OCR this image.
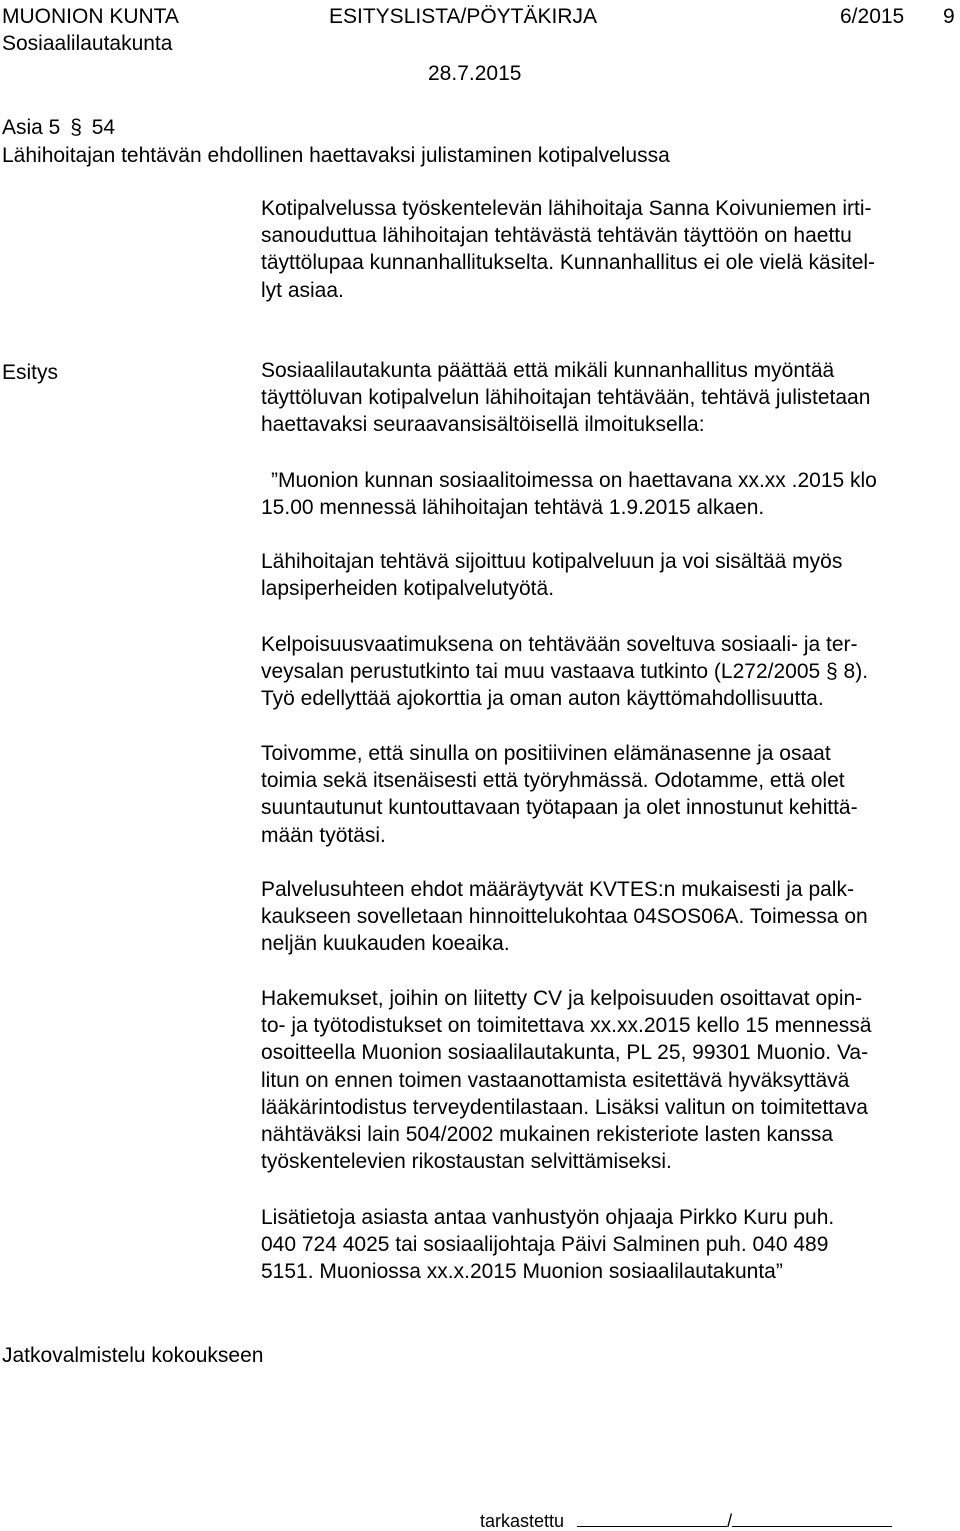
MUONION KUNTA	ESITYSLISTA/PÖYTÄKIRJA	6/2015 9
Sosiaalilautakunta
28.7.2015
Asia 5 § 54
Lähihoitajan tehtävän ehdollinen haettavaksi julistaminen kotipalvelussa

Kotipalvelussa työskentelevän lähihoitaja Sanna Koivuniemen irti-

sanouduttua lähihoitajan tehtävästä tehtävän täyttöön on haettu

täyttölupaa kunnanhallitukselta. Kunnanhallitus ei ole vielä käsitel-

lyt asiaa.

Esitys	Sosiaalilautakunta päättää että mikäli kunnanhallitus myöntää

täyttöluvan kotipalvelun lähihoitajan tehtävään, tehtävä julistetaan

haettavaksi seuraavansisältöisellä ilmoituksella:

”Muonion kunnan sosiaalitoimessa on haettavana xx.xx .2015 klo

15.00 mennessä lähihoitajan tehtävä 1.9.2015 alkaen.

Lähihoitajan tehtävä sijoittuu kotipalveluun ja voi sisältää myös

lapsiperheiden kotipalvelutyötä.

Kelpoisuusvaatimuksena on tehtävään soveltuva sosiaali- ja ter-

veysalan perustutkinto tai muu vastaava tutkinto (L272/2005 § 8).

Työ edellyttää ajokorttia ja oman auton käyttömahdollisuutta.

Toivomme, että sinulla on positiivinen elämänasenne ja osaat

toimia sekä itsenäisesti että työryhmässä. Odotamme, että olet

suuntautunut kuntouttavaan työtapaan ja olet innostunut kehittä-

mään työtäsi.

Palvelusuhteen ehdot määräytyvät KVTES:n mukaisesti ja palk-

kaukseen sovelletaan hinnoittelukohtaa 04SOS06A. Toimessa on

neljän kuukauden koeaika.

Hakemukset, joihin on liitetty CV ja kelpoisuuden osoittavat opin-

to- ja työtodistukset on toimitettava xx.xx.2015 kello 15 mennessä

osoitteella Muonion sosiaalilautakunta, PL 25, 99301 Muonio. Va-

litun on ennen toimen vastaanottamista esitettävä hyväksyttävä

lääkärintodistus terveydentilastaan. Lisäksi valitun on toimitettava

nähtäväksi lain 504/2002 mukainen rekisteriote lasten kanssa

työskentelevien rikostaustan selvittämiseksi.

Lisätietoja asiasta antaa vanhustyön ohjaaja Pirkko Kuru puh.

040 724 4025 tai sosiaalijohtaja Päivi Salminen puh. 040 489

5151. Muoniossa xx.x.2015 Muonion sosiaalilautakunta”

Jatkovalmistelu kokoukseen
tarkastettu	/
